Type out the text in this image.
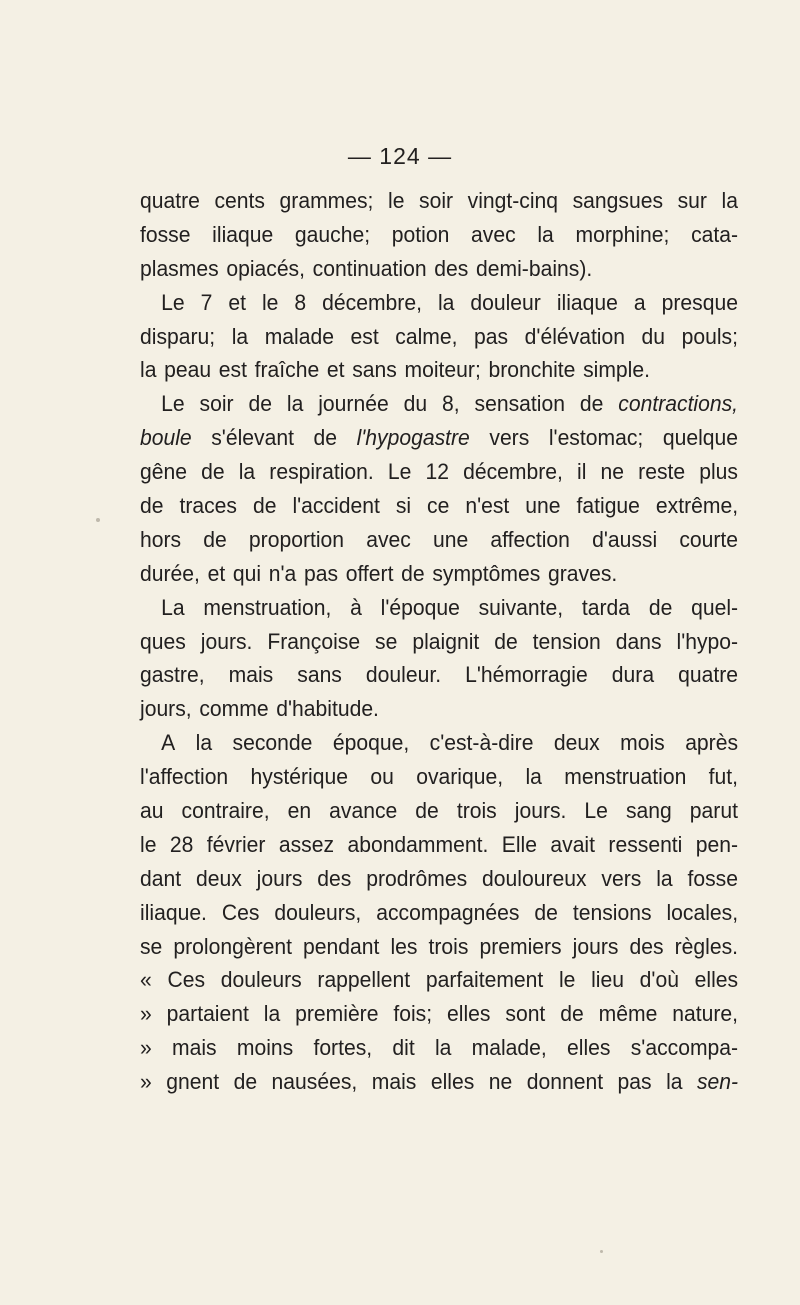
— 124 —
quatre cents grammes; le soir vingt-cinq sangsues sur la
fosse iliaque gauche; potion avec la morphine; cata-
plasmes opiacés, continuation des demi-bains).
Le 7 et le 8 décembre, la douleur iliaque a presque
disparu; la malade est calme, pas d'élévation du pouls;
la peau est fraîche et sans moiteur; bronchite simple.
Le soir de la journée du 8, sensation de contractions,
boule s'élevant de l'hypogastre vers l'estomac; quelque
gêne de la respiration. Le 12 décembre, il ne reste plus
de traces de l'accident si ce n'est une fatigue extrême,
hors de proportion avec une affection d'aussi courte
durée, et qui n'a pas offert de symptômes graves.
La menstruation, à l'époque suivante, tarda de quel-
ques jours. Françoise se plaignit de tension dans l'hypo-
gastre, mais sans douleur. L'hémorragie dura quatre
jours, comme d'habitude.
A la seconde époque, c'est-à-dire deux mois après
l'affection hystérique ou ovarique, la menstruation fut,
au contraire, en avance de trois jours. Le sang parut
le 28 février assez abondamment. Elle avait ressenti pen-
dant deux jours des prodrômes douloureux vers la fosse
iliaque. Ces douleurs, accompagnées de tensions locales,
se prolongèrent pendant les trois premiers jours des règles.
« Ces douleurs rappellent parfaitement le lieu d'où elles
» partaient la première fois; elles sont de même nature,
» mais moins fortes, dit la malade, elles s'accompa-
» gnent de nausées, mais elles ne donnent pas la sen-
